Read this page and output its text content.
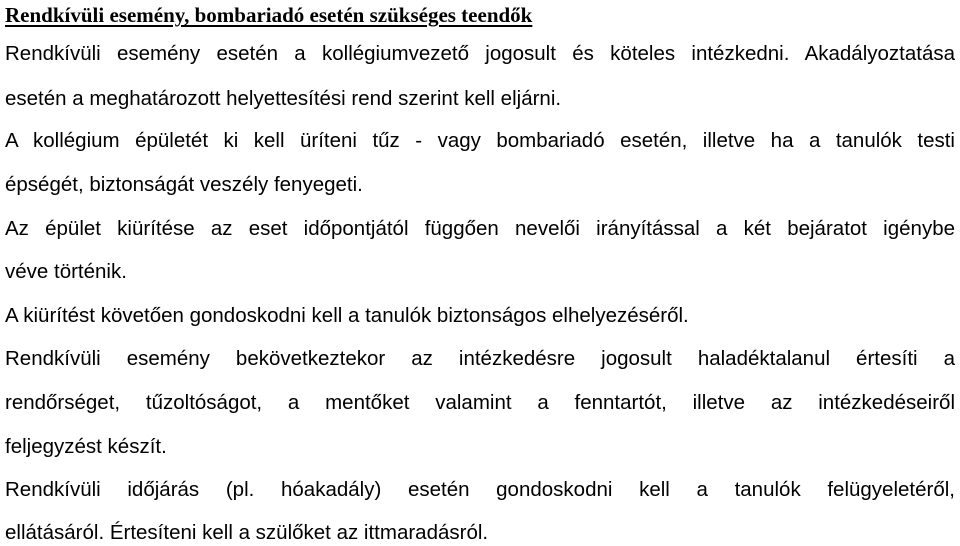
Rendkívüli esemény, bombariadó esetén szükséges teendők

Rendkívüli esemény esetén a kollégiumvezető jogosult és köteles intézkedni. Akadályoztatása

esetén a meghatározott helyettesítési rend szerint kell eljárni.

A kollégium épületét ki kell üríteni tűz - vagy bombariadó esetén, illetve ha a tanulók testi

épségét, biztonságát veszély fenyegeti.

Az épület kiürítése az eset időpontjától függően nevelői irányítással a két bejáratot igénybe

véve történik.

A kiürítést követően gondoskodni kell a tanulók biztonságos elhelyezéséről.

Rendkívüli esemény bekövetkeztekor az intézkedésre jogosult haladéktalanul értesíti a

rendőrséget, tűzoltóságot, a mentőket valamint a fenntartót, illetve az intézkedéseiről

feljegyzést készít.

Rendkívüli időjárás (pl. hóakadály) esetén gondoskodni kell a tanulók felügyeletéről,

ellátásáról. Értesíteni kell a szülőket az ittmaradásról.
